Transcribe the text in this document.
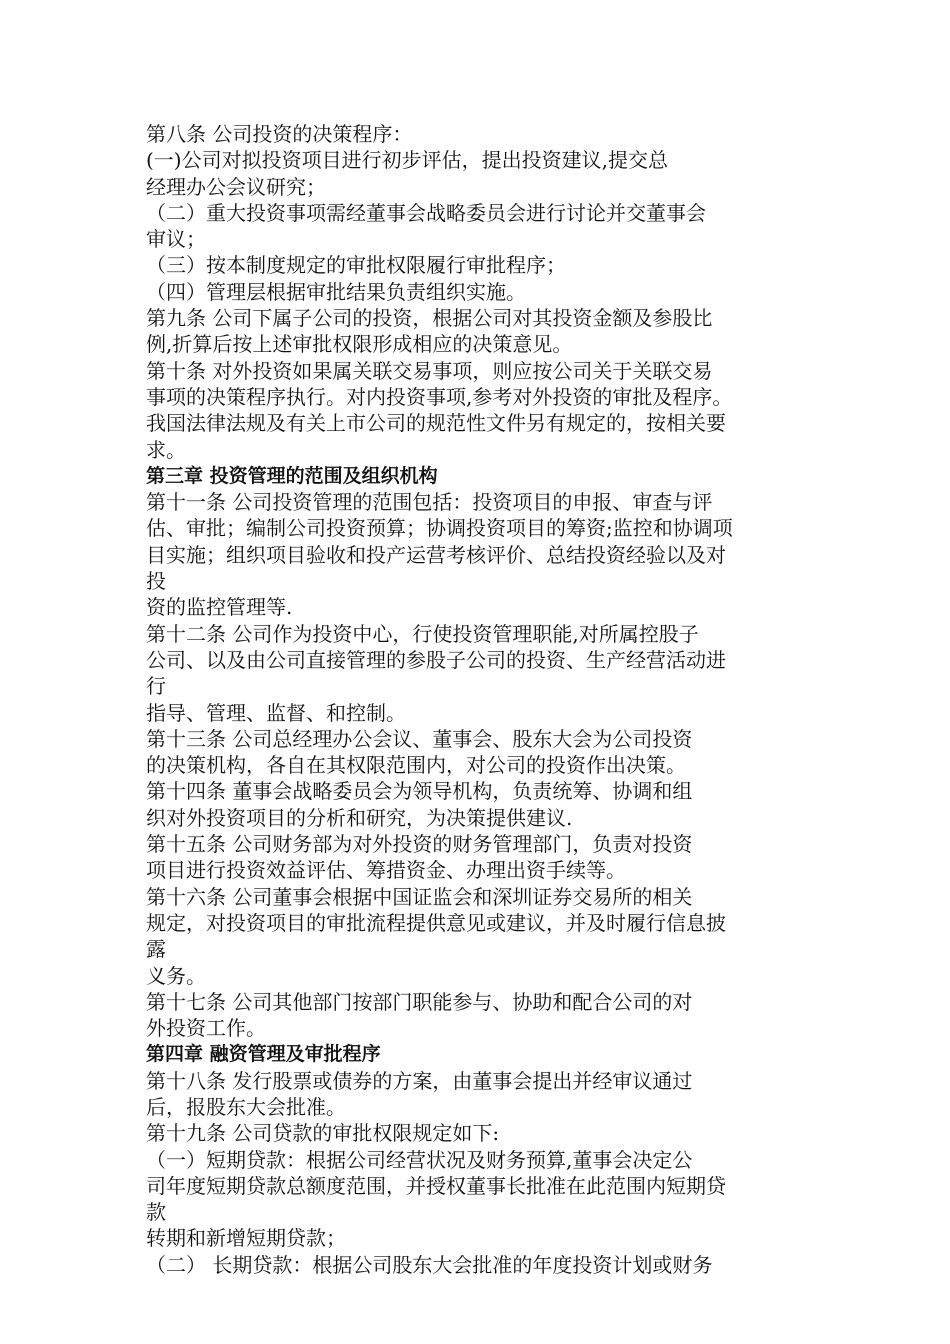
第八条 公司投资的决策程序：

(一)公司对拟投资项目进行初步评估，提出投资建议,提交总

经理办公会议研究；

（二）重大投资事项需经董事会战略委员会进行讨论并交董事会

审议；

（三）按本制度规定的审批权限履行审批程序；

（四）管理层根据审批结果负责组织实施。

第九条 公司下属子公司的投资，根据公司对其投资金额及参股比

例,折算后按上述审批权限形成相应的决策意见。

第十条 对外投资如果属关联交易事项，则应按公司关于关联交易

事项的决策程序执行。对内投资事项,参考对外投资的审批及程序。

我国法律法规及有关上市公司的规范性文件另有规定的，按相关要

求。

第三章 投资管理的范围及组织机构

第十一条 公司投资管理的范围包括：投资项目的申报、审查与评

估、审批；编制公司投资预算；协调投资项目的筹资;监控和协调项

目实施；组织项目验收和投产运营考核评价、总结投资经验以及对

投

资的监控管理等.

第十二条 公司作为投资中心，行使投资管理职能,对所属控股子

公司、以及由公司直接管理的参股子公司的投资、生产经营活动进

行

指导、管理、监督、和控制。

第十三条 公司总经理办公会议、董事会、股东大会为公司投资

的决策机构，各自在其权限范围内，对公司的投资作出决策。

第十四条 董事会战略委员会为领导机构，负责统筹、协调和组

织对外投资项目的分析和研究，为决策提供建议.

第十五条 公司财务部为对外投资的财务管理部门，负责对投资

项目进行投资效益评估、筹措资金、办理出资手续等。

第十六条 公司董事会根据中国证监会和深圳证券交易所的相关

规定，对投资项目的审批流程提供意见或建议，并及时履行信息披

露

义务。

第十七条 公司其他部门按部门职能参与、协助和配合公司的对

外投资工作。

第四章 融资管理及审批程序

第十八条 发行股票或债券的方案，由董事会提出并经审议通过

后，报股东大会批准。

第十九条 公司贷款的审批权限规定如下:

（一）短期贷款：根据公司经营状况及财务预算,董事会决定公

司年度短期贷款总额度范围，并授权董事长批准在此范围内短期贷

款

转期和新增短期贷款；

（二） 长期贷款：根据公司股东大会批准的年度投资计划或财务
